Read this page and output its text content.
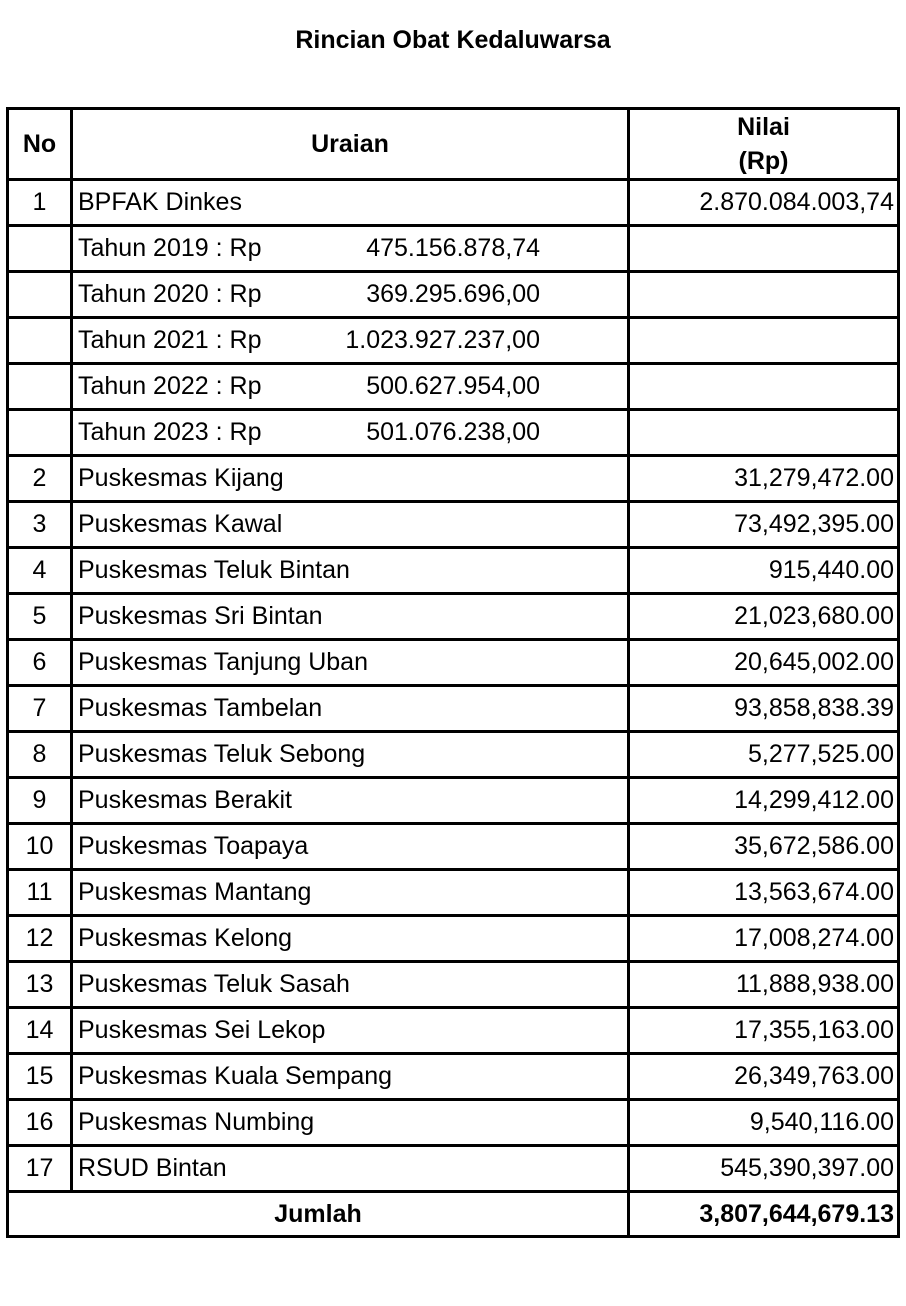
Rincian Obat Kedaluwarsa
No	Uraian	Nilai
(Rp)
1	BPFAK Dinkes	2.870.084.003,74
	Tahun 2019 : Rp 475.156.878,74	
	Tahun 2020 : Rp 369.295.696,00	
	Tahun 2021 : Rp 1.023.927.237,00	
	Tahun 2022 : Rp 500.627.954,00	
	Tahun 2023 : Rp 501.076.238,00	
2	Puskesmas Kijang	31,279,472.00
3	Puskesmas Kawal	73,492,395.00
4	Puskesmas Teluk Bintan	915,440.00
5	Puskesmas Sri Bintan	21,023,680.00
6	Puskesmas Tanjung Uban	20,645,002.00
7	Puskesmas Tambelan	93,858,838.39
8	Puskesmas Teluk Sebong	5,277,525.00
9	Puskesmas Berakit	14,299,412.00
10	Puskesmas Toapaya	35,672,586.00
11	Puskesmas Mantang	13,563,674.00
12	Puskesmas Kelong	17,008,274.00
13	Puskesmas Teluk Sasah	11,888,938.00
14	Puskesmas Sei Lekop	17,355,163.00
15	Puskesmas Kuala Sempang	26,349,763.00
16	Puskesmas Numbing	9,540,116.00
17	RSUD Bintan	545,390,397.00
Jumlah		3,807,644,679.13
